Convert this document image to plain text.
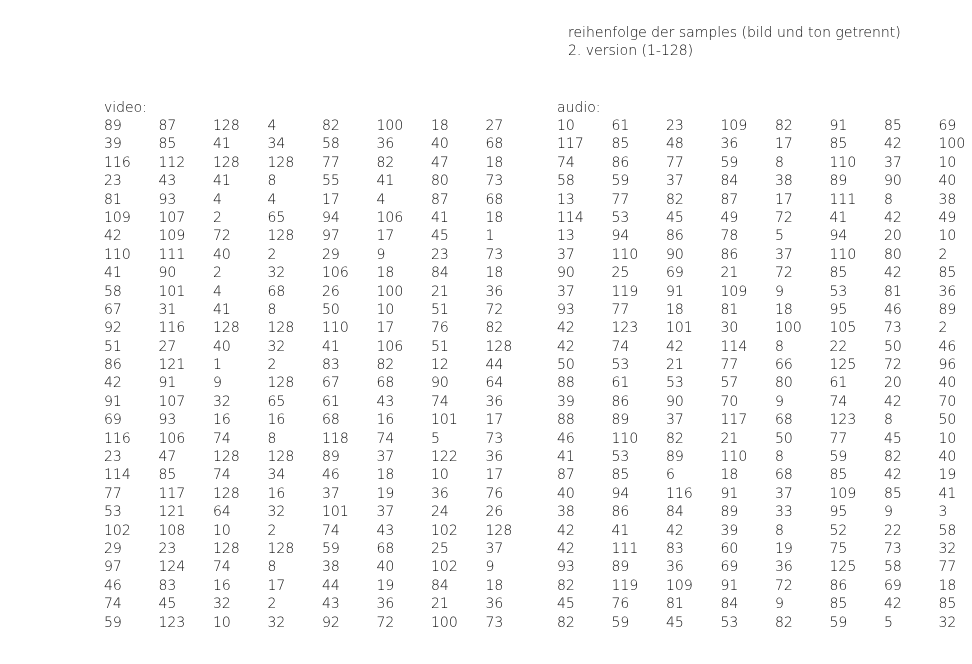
reihenfolge der samples (bild und ton getrennt)
2. version (1-128)
video:
89	87	128	4	82	100	18	27
39	85	41	34	58	36	40	68
116	112	128	128	77	82	47	18
23	43	41	8	55	41	80	73
81	93	4	4	17	4	87	68
109	107	2	65	94	106	41	18
42	109	72	128	97	17	45	1
110	111	40	2	29	9	23	73
41	90	2	32	106	18	84	18
58	101	4	68	26	100	21	36
67	31	41	8	50	10	51	72
92	116	128	128	110	17	76	82
51	27	40	32	41	106	51	128
86	121	1	2	83	82	12	44
42	91	9	128	67	68	90	64
91	107	32	65	61	43	74	36
69	93	16	16	68	16	101	17
116	106	74	8	118	74	5	73
23	47	128	128	89	37	122	36
114	85	74	34	46	18	10	17
77	117	128	16	37	19	36	76
53	121	64	32	101	37	24	26
102	108	10	2	74	43	102	128
29	23	128	128	59	68	25	37
97	124	74	8	38	40	102	9
46	83	16	17	44	19	84	18
74	45	32	2	43	36	21	36
59	123	10	32	92	72	100	73
audio:
10	61	23	109	82	91	85	69
117	85	48	36	17	85	42	100
74	86	77	59	8	110	37	10
58	59	37	84	38	89	90	40
13	77	82	87	17	111	8	38
114	53	45	49	72	41	42	49
13	94	86	78	5	94	20	10
37	110	90	86	37	110	80	2
90	25	69	21	72	85	42	85
37	119	91	109	9	53	81	36
93	77	18	81	18	95	46	89
42	123	101	30	100	105	73	2
42	74	42	114	8	22	50	46
50	53	21	77	66	125	72	96
88	61	53	57	80	61	20	40
39	86	90	70	9	74	42	70
88	89	37	117	68	123	8	50
46	110	82	21	50	77	45	10
41	53	89	110	8	59	82	40
87	85	6	18	68	85	42	19
40	94	116	91	37	109	85	41
38	86	84	89	33	95	9	3
42	41	42	39	8	52	22	58
42	111	83	60	19	75	73	32
93	89	36	69	36	125	58	77
82	119	109	91	72	86	69	18
45	76	81	84	9	85	42	85
82	59	45	53	82	59	5	32
